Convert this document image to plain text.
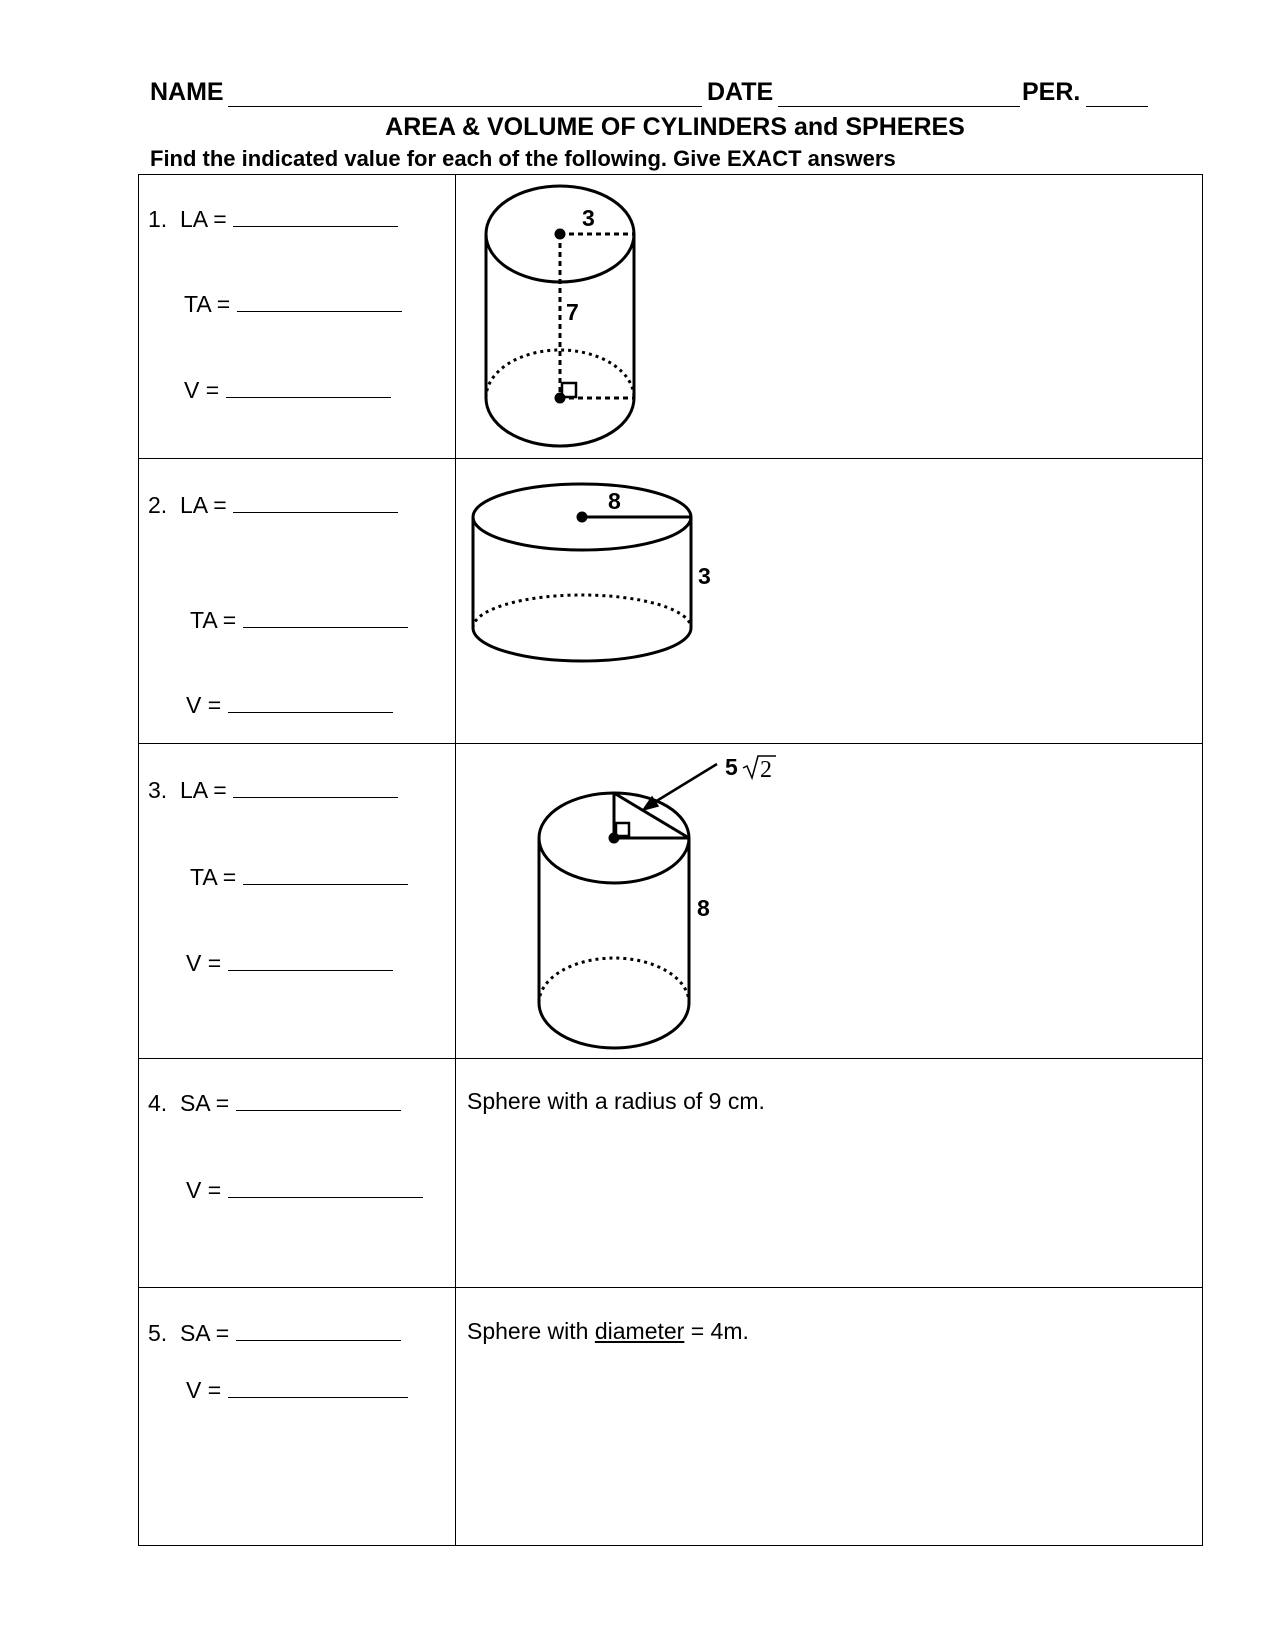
NAME	DATE	PER.
AREA & VOLUME OF CYLINDERS and SPHERES
Find the indicated value for each of the following. Give EXACT answers
1. LA =
TA =
V =
2. LA =
TA =
V =
3. LA =
TA =
V =
4. SA =
V =
Sphere with a radius of 9 cm.
5. SA =
V =
Sphere with diameter = 4m.
3
7
8
3
5 2
8
